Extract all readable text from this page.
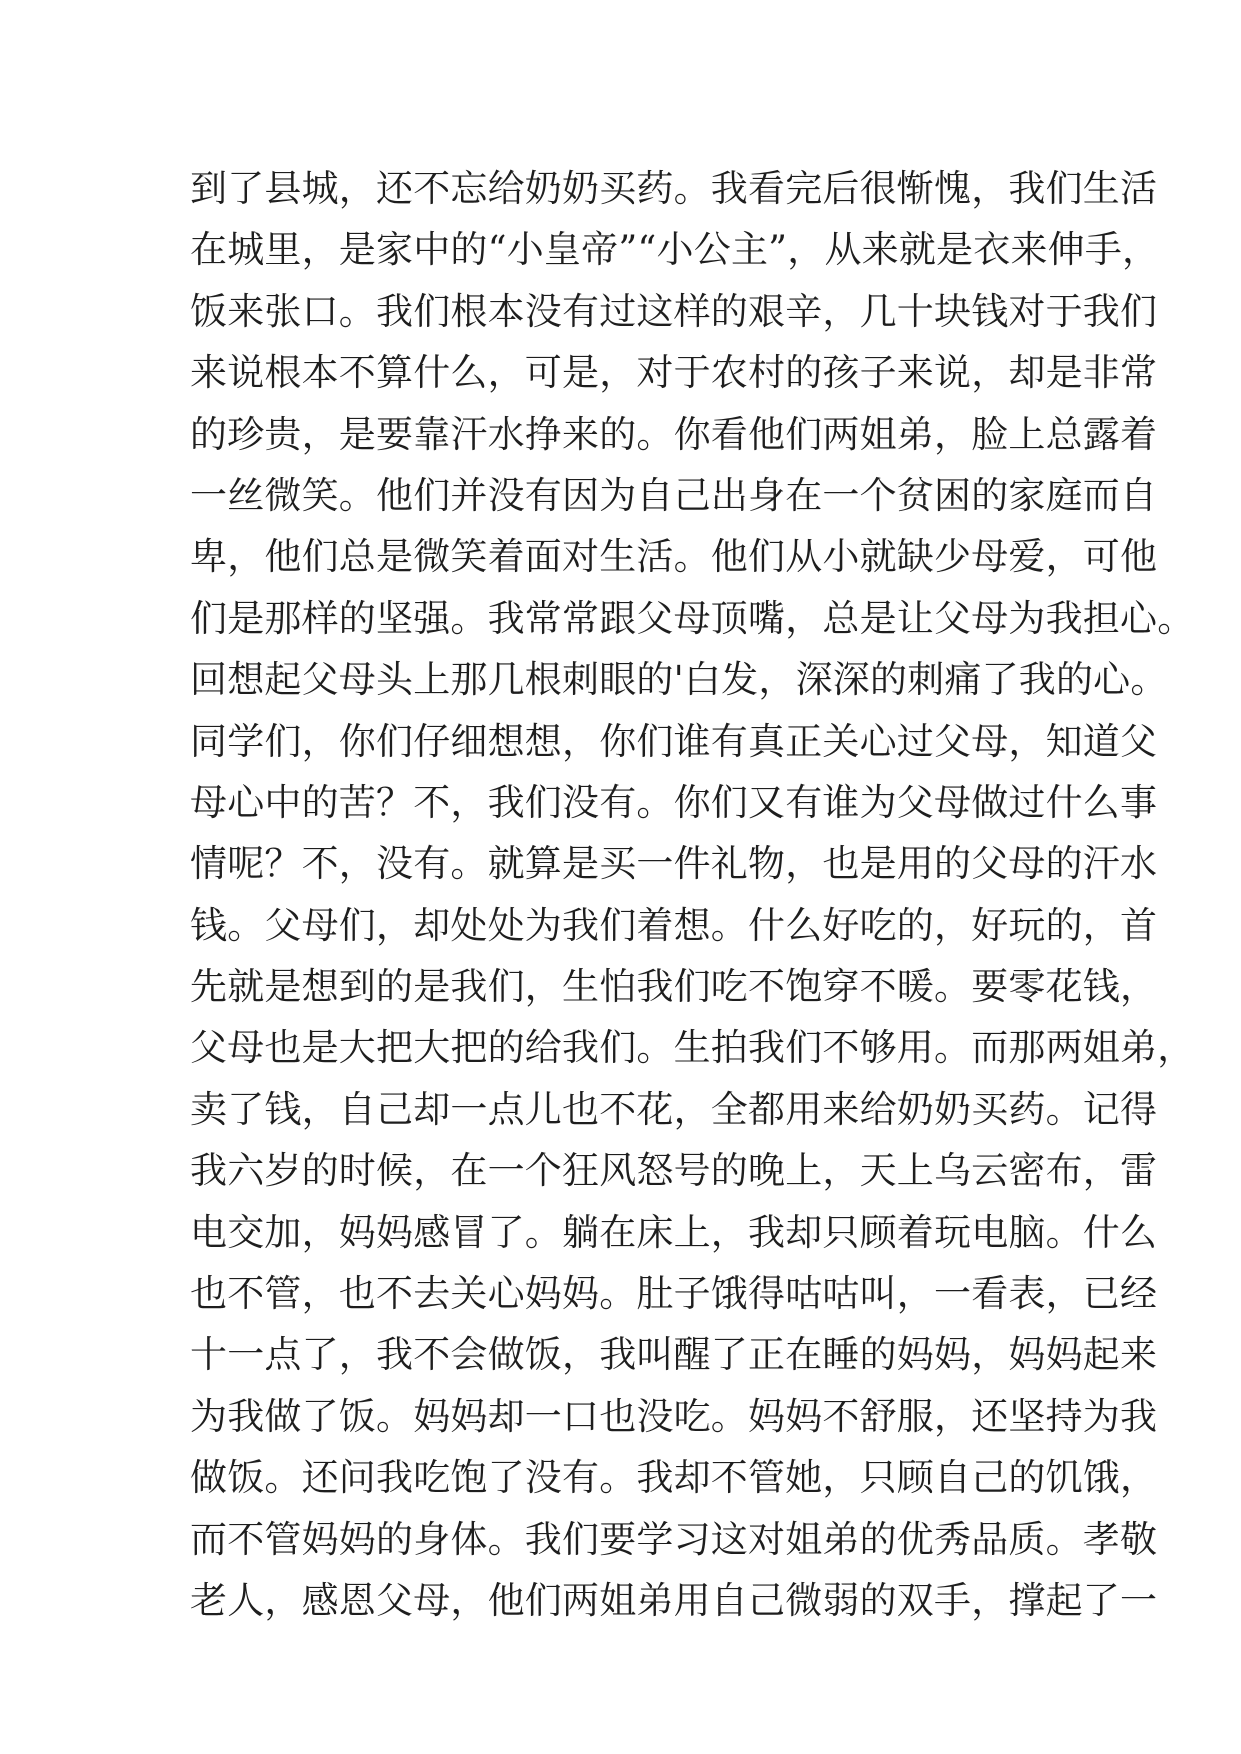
到了县城，还不忘给奶奶买药。我看完后很惭愧，我们生活
在城里，是家中的“小皇帝”“小公主”，从来就是衣来伸手，
饭来张口。我们根本没有过这样的艰辛，几十块钱对于我们
来说根本不算什么，可是，对于农村的孩子来说，却是非常
的珍贵，是要靠汗水挣来的。你看他们两姐弟，脸上总露着
一丝微笑。他们并没有因为自己出身在一个贫困的家庭而自
卑，他们总是微笑着面对生活。他们从小就缺少母爱，可他
们是那样的坚强。我常常跟父母顶嘴，总是让父母为我担心。
回想起父母头上那几根刺眼的'白发，深深的刺痛了我的心。
同学们，你们仔细想想，你们谁有真正关心过父母，知道父
母心中的苦？不，我们没有。你们又有谁为父母做过什么事
情呢？不，没有。就算是买一件礼物，也是用的父母的汗水
钱。父母们，却处处为我们着想。什么好吃的，好玩的，首
先就是想到的是我们，生怕我们吃不饱穿不暖。要零花钱，
父母也是大把大把的给我们。生拍我们不够用。而那两姐弟，
卖了钱，自己却一点儿也不花，全都用来给奶奶买药。记得
我六岁的时候，在一个狂风怒号的晚上，天上乌云密布，雷
电交加，妈妈感冒了。躺在床上，我却只顾着玩电脑。什么
也不管，也不去关心妈妈。肚子饿得咕咕叫，一看表，已经
十一点了，我不会做饭，我叫醒了正在睡的妈妈，妈妈起来
为我做了饭。妈妈却一口也没吃。妈妈不舒服，还坚持为我
做饭。还问我吃饱了没有。我却不管她，只顾自己的饥饿，
而不管妈妈的身体。我们要学习这对姐弟的优秀品质。孝敬
老人，感恩父母，他们两姐弟用自己微弱的双手，撑起了一
